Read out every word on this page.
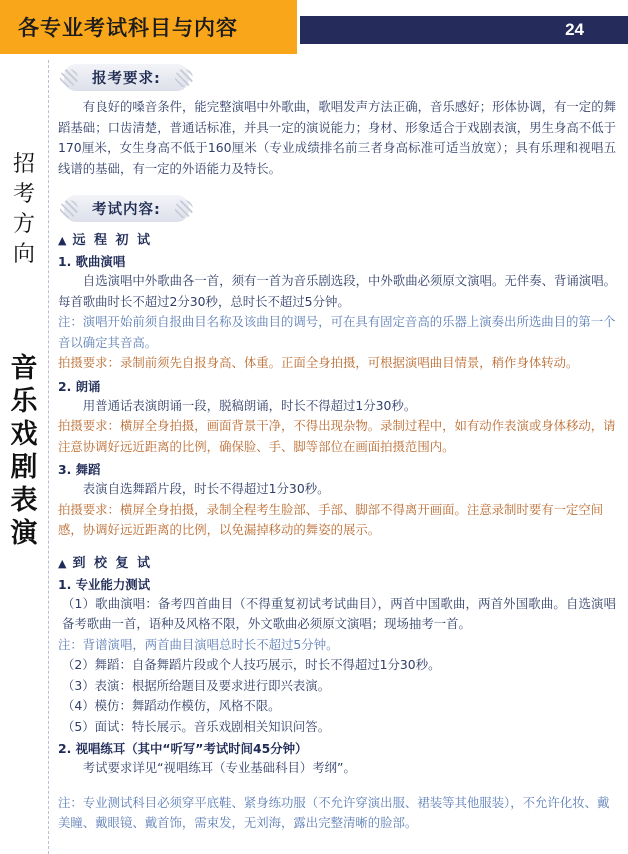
各专业考试科目与内容	24
招
考
方
向
音
乐
戏
剧
表
演
报考要求:

有良好的嗓音条件，能完整演唱中外歌曲，歌唱发声方法正确，音乐感好；形体协调，有一定的舞蹈基础；口齿清楚，普通话标准，并具一定的演说能力；身材、形象适合于戏剧表演，男生身高不低于170厘米，女生身高不低于160厘米（专业成绩排名前三者身高标准可适当放宽）；具有乐理和视唱五线谱的基础，有一定的外语能力及特长。

考试内容:
▲ 远 程 初 试
1. 歌曲演唱

自选演唱中外歌曲各一首，须有一首为音乐剧选段，中外歌曲必须原文演唱。无伴奏、背诵演唱。每首歌曲时长不超过2分30秒，总时长不超过5分钟。

注：演唱开始前须自报曲目名称及该曲目的调号，可在具有固定音高的乐器上演奏出所选曲目的第一个音以确定其音高。

拍摄要求：录制前须先自报身高、体重。正面全身拍摄，可根据演唱曲目情景，稍作身体转动。

2. 朗诵

用普通话表演朗诵一段，脱稿朗诵，时长不得超过1分30秒。

拍摄要求：横屏全身拍摄，画面背景干净，不得出现杂物。录制过程中，如有动作表演或身体移动，请注意协调好远近距离的比例，确保脸、手、脚等部位在画面拍摄范围内。

3. 舞蹈

表演自选舞蹈片段，时长不得超过1分30秒。

拍摄要求：横屏全身拍摄，录制全程考生脸部、手部、脚部不得离开画面。注意录制时要有一定空间感，协调好远近距离的比例，以免漏掉移动的舞姿的展示。

▲ 到 校 复 试
1. 专业能力测试

（1）歌曲演唱：备考四首曲目（不得重复初试考试曲目），两首中国歌曲，两首外国歌曲。自选演唱备考歌曲一首，语种及风格不限，外文歌曲必须原文演唱；现场抽考一首。

注：背谱演唱，两首曲目演唱总时长不超过5分钟。

（2）舞蹈：自备舞蹈片段或个人技巧展示，时长不得超过1分30秒。

（3）表演：根据所给题目及要求进行即兴表演。

（4）模仿：舞蹈动作模仿，风格不限。

（5）面试：特长展示。音乐戏剧相关知识问答。

2. 视唱练耳（其中“听写”考试时间45分钟）

考试要求详见“视唱练耳（专业基础科目）考纲”。

注：专业测试科目必须穿平底鞋、紧身练功服（不允许穿演出服、裙装等其他服装），不允许化妆、戴美瞳、戴眼镜、戴首饰，需束发，无刘海，露出完整清晰的脸部。
